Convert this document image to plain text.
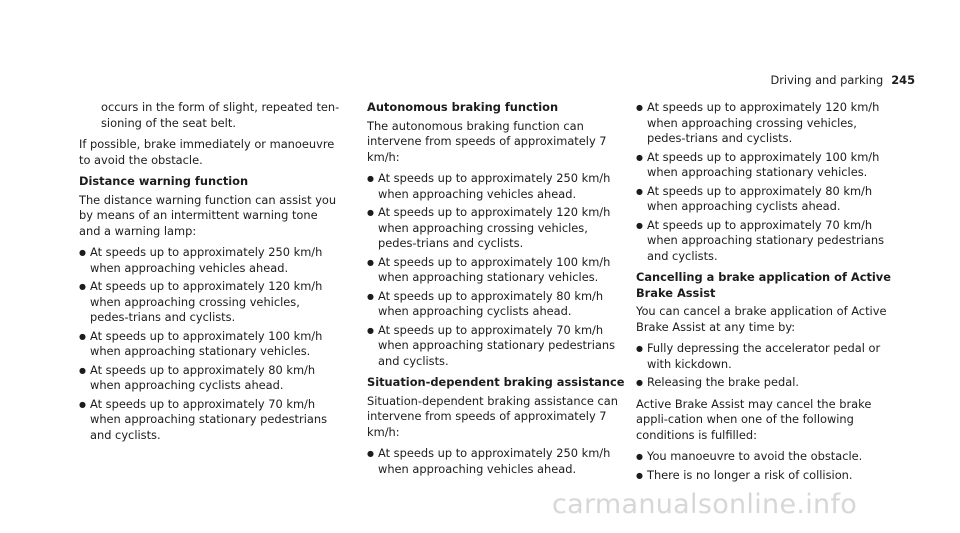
Driving and parking 245

occurs in the form of slight, repeated ten-sioning of the seat belt.

If possible, brake immediately or manoeuvre to avoid the obstacle.

Distance warning function

The distance warning function can assist you by means of an intermittent warning tone and a warning lamp:

● At speeds up to approximately 250 km/h when approaching vehicles ahead.
● At speeds up to approximately 120 km/h when approaching crossing vehicles, pedes-trians and cyclists.
● At speeds up to approximately 100 km/h when approaching stationary vehicles.
● At speeds up to approximately 80 km/h when approaching cyclists ahead.
● At speeds up to approximately 70 km/h when approaching stationary pedestrians and cyclists.

Autonomous braking function

The autonomous braking function can intervene from speeds of approximately 7 km/h:

● At speeds up to approximately 250 km/h when approaching vehicles ahead.
● At speeds up to approximately 120 km/h when approaching crossing vehicles, pedes-trians and cyclists.
● At speeds up to approximately 100 km/h when approaching stationary vehicles.
● At speeds up to approximately 80 km/h when approaching cyclists ahead.
● At speeds up to approximately 70 km/h when approaching stationary pedestrians and cyclists.

Situation-dependent braking assistance

Situation-dependent braking assistance can intervene from speeds of approximately 7 km/h:

● At speeds up to approximately 250 km/h when approaching vehicles ahead.
● At speeds up to approximately 120 km/h when approaching crossing vehicles, pedes-trians and cyclists.
● At speeds up to approximately 100 km/h when approaching stationary vehicles.
● At speeds up to approximately 80 km/h when approaching cyclists ahead.
● At speeds up to approximately 70 km/h when approaching stationary pedestrians and cyclists.

Cancelling a brake application of Active Brake Assist

You can cancel a brake application of Active Brake Assist at any time by:

● Fully depressing the accelerator pedal or with kickdown.
● Releasing the brake pedal.

Active Brake Assist may cancel the brake appli-cation when one of the following conditions is fulfilled:

● You manoeuvre to avoid the obstacle.
● There is no longer a risk of collision.
carmanualsonline.info
